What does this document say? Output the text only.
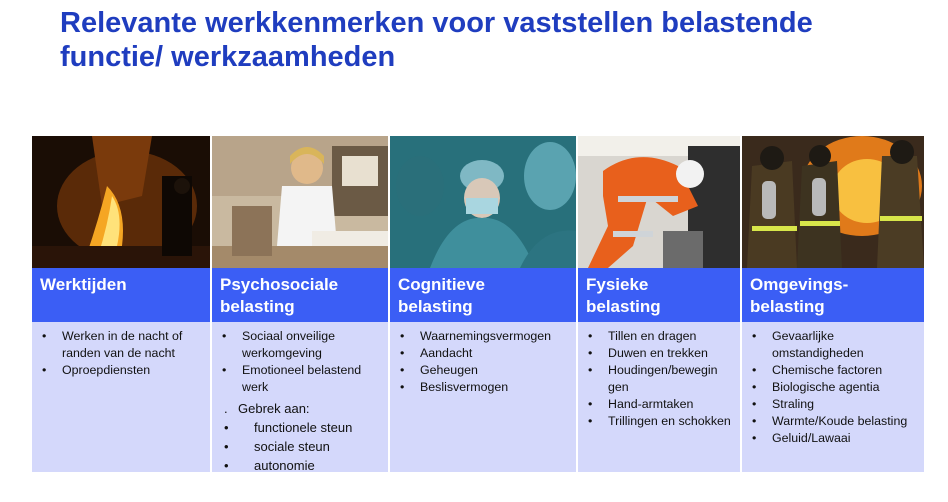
Relevante werkkenmerken voor vaststellen belastende functie/ werkzaamheden
Werktijden
• Werken in de nacht of randen van de nacht
• Oproepdiensten
Psychosociale
belasting
• Sociaal onveilige werkomgeving
• Emotioneel belastend werk
. Gebrek aan:
• functionele steun
• sociale steun
• autonomie
Cognitieve
belasting
• Waarnemingsvermogen
• Aandacht
• Geheugen
• Beslisvermogen
Fysieke
belasting
• Tillen en dragen
• Duwen en trekken
• Houdingen/bewegin gen
• Hand-armtaken
• Trillingen en schokken
Omgevings-
belasting
• Gevaarlijke omstandigheden
• Chemische factoren
• Biologische agentia
• Straling
• Warmte/Koude belasting
• Geluid/Lawaai
